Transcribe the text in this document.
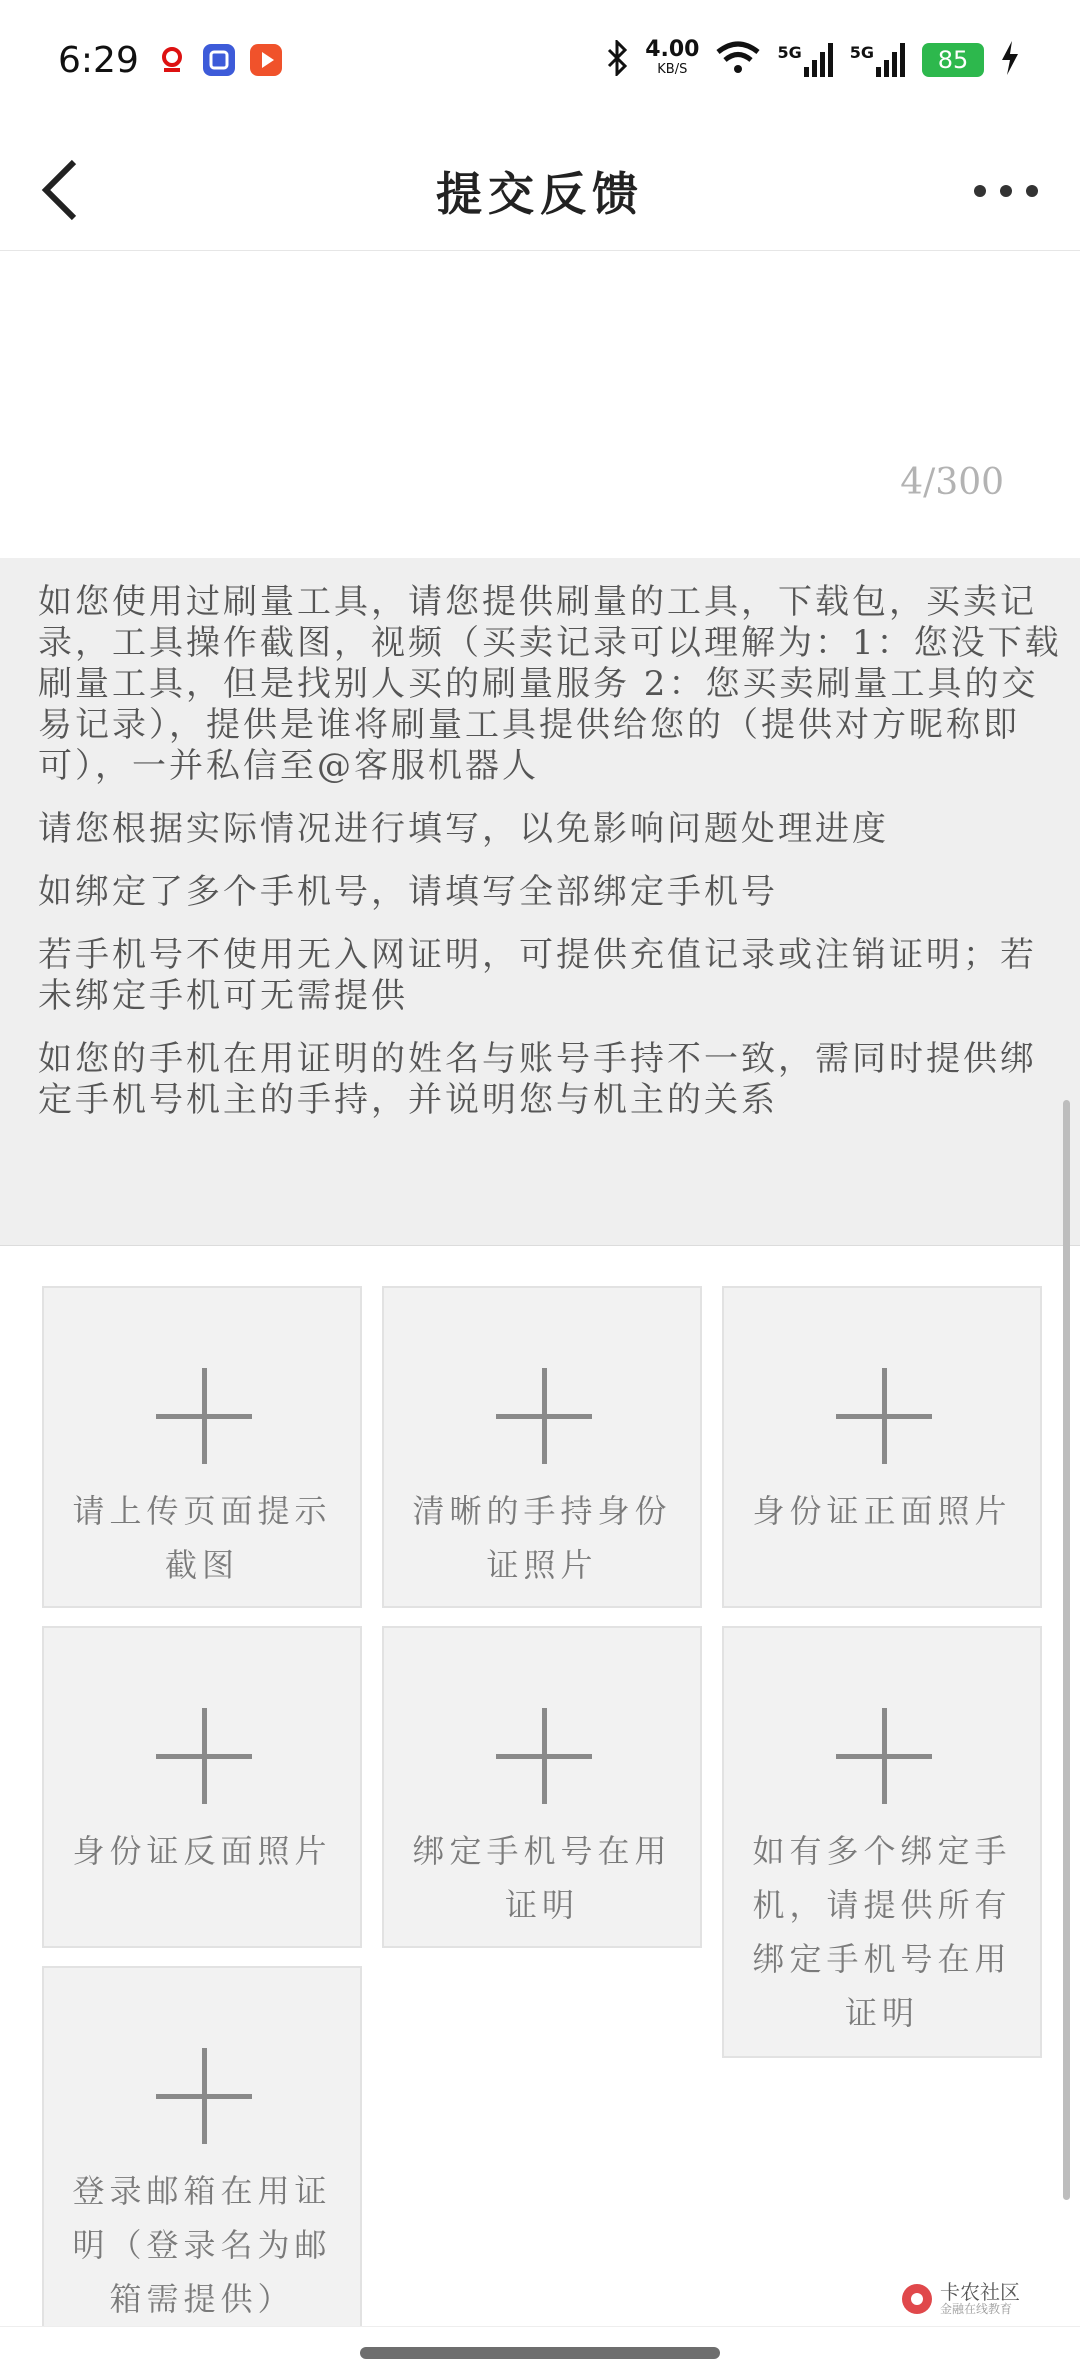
6:29	4.00
KB/S
5G	5G	85
提交反馈
4/300

如您使用过刷量工具，请您提供刷量的工具，下载包，买卖记录，工具操作截图，视频（买卖记录可以理解为：1：您没下载刷量工具，但是找别人买的刷量服务 2：您买卖刷量工具的交易记录），提供是谁将刷量工具提供给您的（提供对方昵称即可），一并私信至@客服机器人

请您根据实际情况进行填写，以免影响问题处理进度

如绑定了多个手机号，请填写全部绑定手机号

若手机号不使用无入网证明，可提供充值记录或注销证明；若未绑定手机可无需提供

如您的手机在用证明的姓名与账号手持不一致，需同时提供绑定手机号机主的手持，并说明您与机主的关系

请上传页面提示截图
清晰的手持身份证照片
身份证正面照片
身份证反面照片	绑定手机号在用证明
如有多个绑定手机，请提供所有绑定手机号在用证明
登录邮箱在用证明（登录名为邮箱需提供）	卡农社区
金融在线教育
